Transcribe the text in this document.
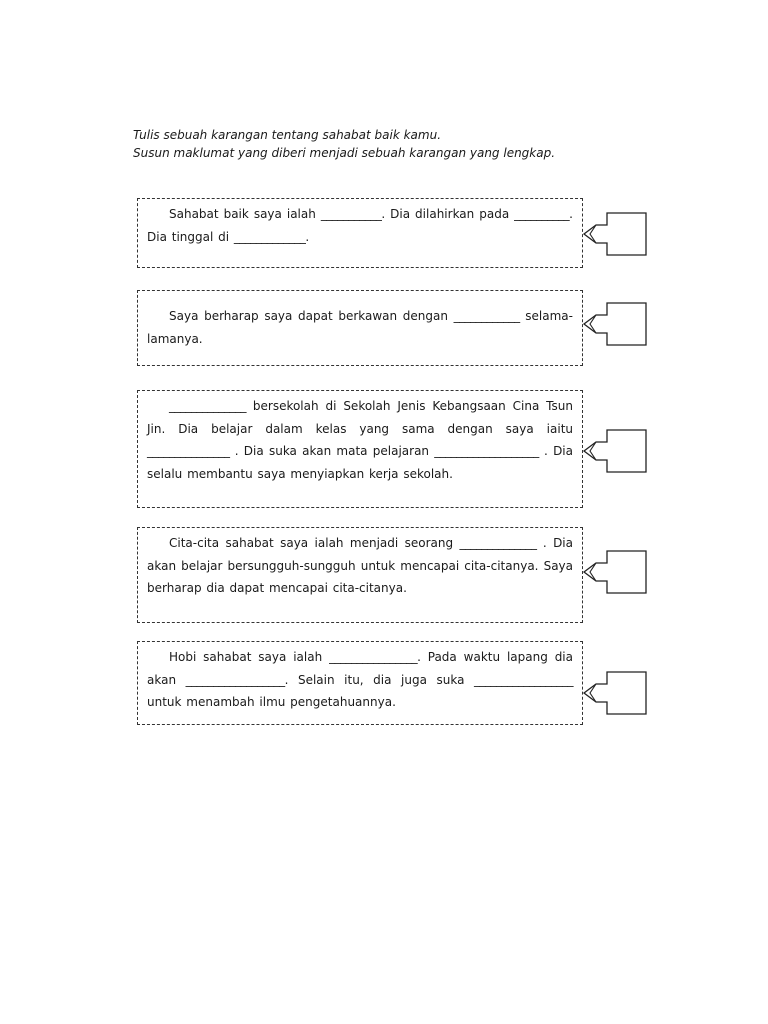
Tulis sebuah karangan tentang sahabat baik kamu.
Susun maklumat yang diberi menjadi sebuah karangan yang lengkap.
Sahabat baik saya ialah ___________. Dia dilahirkan pada __________. Dia tinggal di _____________.
Saya berharap saya dapat berkawan dengan ____________ selama-lamanya.
______________ bersekolah di Sekolah Jenis Kebangsaan Cina Tsun Jin. Dia belajar dalam kelas yang sama dengan saya iaitu _______________ . Dia suka akan mata pelajaran ___________________ . Dia selalu membantu saya menyiapkan kerja sekolah.
Cita-cita sahabat saya ialah menjadi seorang ______________ . Dia akan belajar bersungguh-sungguh untuk mencapai cita-citanya. Saya berharap dia dapat mencapai cita-citanya.
Hobi sahabat saya ialah ________________. Pada waktu lapang dia akan __________________. Selain itu, dia juga suka __________________ untuk menambah ilmu pengetahuannya.
